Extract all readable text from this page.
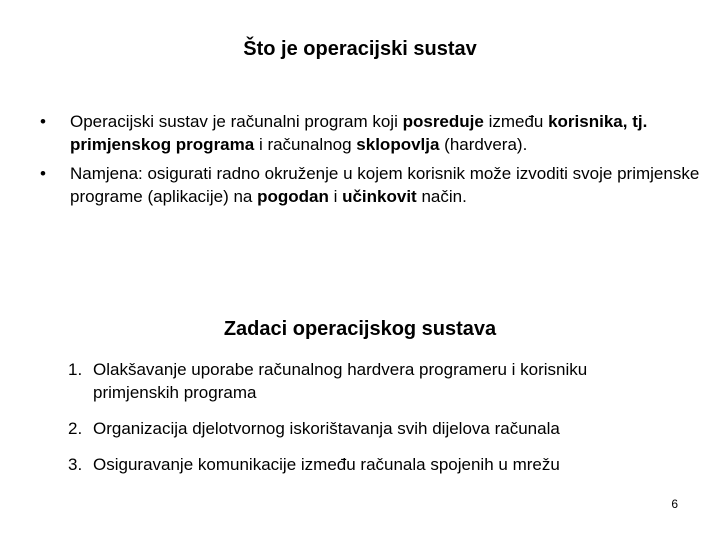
Što je operacijski sustav
• Operacijski sustav je računalni program koji posreduje između korisnika, tj. primjenskog programa i računalnog sklopovlja (hardvera).
• Namjena: osigurati radno okruženje u kojem korisnik može izvoditi svoje primjenske programe (aplikacije) na pogodan i učinkovit način.
Zadaci operacijskog sustava
1. Olakšavanje uporabe računalnog hardvera programeru i korisniku primjenskih programa
2. Organizacija djelotvornog iskorištavanja svih dijelova računala
3. Osiguravanje komunikacije između računala spojenih u mrežu
6
